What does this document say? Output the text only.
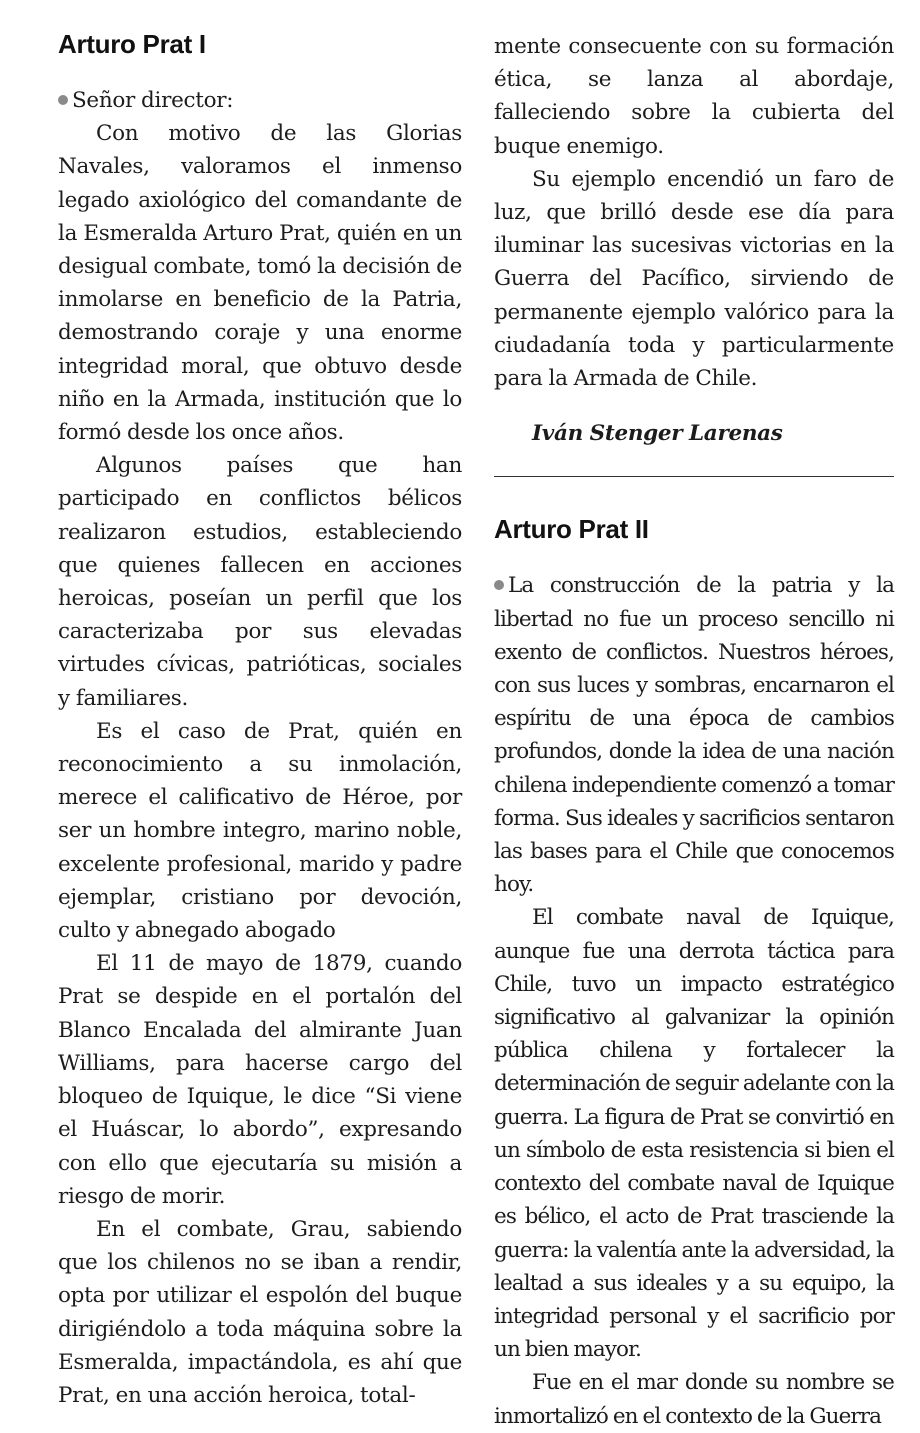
Arturo Prat I

Señor director:

Con motivo de las Glorias Navales, valoramos el inmenso legado axiológico del comandante de la Esmeralda Arturo Prat, quién en un desigual combate, tomó la decisión de inmolarse en beneficio de la Patria, demostrando coraje y una enorme integridad moral, que obtuvo desde niño en la Armada, institución que lo formó desde los once años.

Algunos países que han participado en conflictos bélicos realizaron estudios, estableciendo que quienes fallecen en acciones heroicas, poseían un perfil que los caracterizaba por sus elevadas virtudes cívicas, patrióticas, sociales y familiares.

Es el caso de Prat, quién en reconocimiento a su inmolación, merece el calificativo de Héroe, por ser un hombre integro, marino noble, excelente profesional, marido y padre ejemplar, cristiano por devoción, culto y abnegado abogado

El 11 de mayo de 1879, cuando Prat se despide en el portalón del Blanco Encalada del almirante Juan Williams, para hacerse cargo del bloqueo de Iquique, le dice “Si viene el Huáscar, lo abordo”, expresando con ello que ejecutaría su misión a riesgo de morir.

En el combate, Grau, sabiendo que los chilenos no se iban a rendir, opta por utilizar el espolón del buque dirigiéndolo a toda máquina sobre la Esmeralda, impactándola, es ahí que Prat, en una acción heroica, total-

mente consecuente con su formación ética, se lanza al abordaje, falleciendo sobre la cubierta del buque enemigo.

Su ejemplo encendió un faro de luz, que brilló desde ese día para iluminar las sucesivas victorias en la Guerra del Pacífico, sirviendo de permanente ejemplo valórico para la ciudadanía toda y particularmente para la Armada de Chile.

Iván Stenger Larenas

Arturo Prat II

La construcción de la patria y la libertad no fue un proceso sencillo ni exento de conflictos. Nuestros héroes, con sus luces y sombras, encarnaron el espíritu de una época de cambios profundos, donde la idea de una nación chilena independiente comenzó a tomar forma. Sus ideales y sacrificios sentaron las bases para el Chile que conocemos hoy.

El combate naval de Iquique, aunque fue una derrota táctica para Chile, tuvo un impacto estratégico significativo al galvanizar la opinión pública chilena y fortalecer la determinación de seguir adelante con la guerra. La figura de Prat se convirtió en un símbolo de esta resistencia si bien el contexto del combate naval de Iquique es bélico, el acto de Prat trasciende la guerra: la valentía ante la adversidad, la lealtad a sus ideales y a su equipo, la integridad personal y el sacrificio por un bien mayor.

Fue en el mar donde su nombre se inmortalizó en el contexto de la Guerra
